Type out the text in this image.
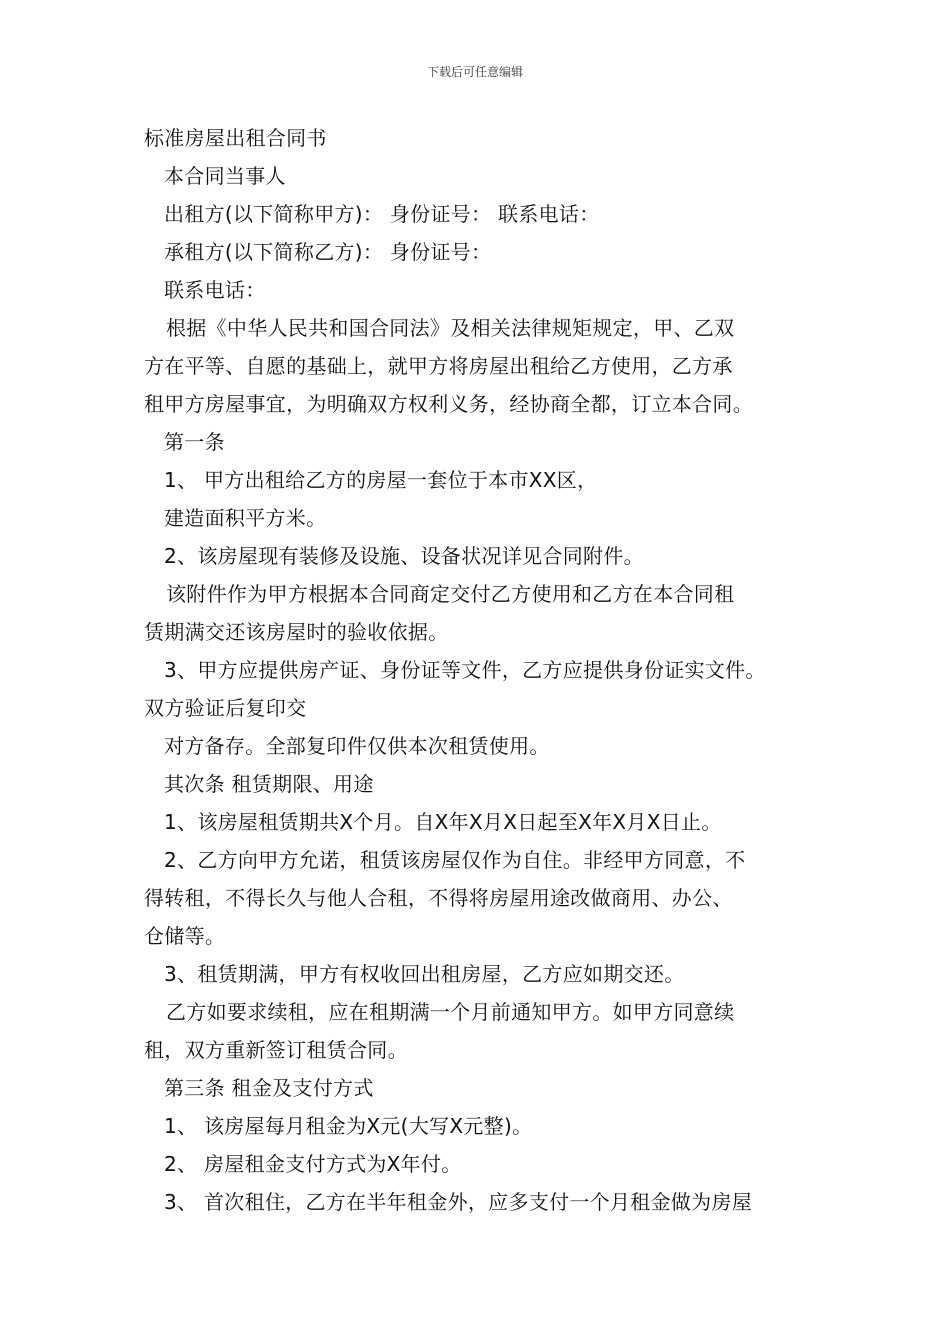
下载后可任意编辑
标准房屋出租合同书
本合同当事人
出租方(以下简称甲方)： 身份证号： 联系电话：
承租方(以下简称乙方)： 身份证号：
联系电话：
根据《中华人民共和国合同法》及相关法律规矩规定，甲、乙双
方在平等、自愿的基础上，就甲方将房屋出租给乙方使用，乙方承
租甲方房屋事宜，为明确双方权利义务，经协商全都，订立本合同。
第一条
1、 甲方出租给乙方的房屋一套位于本市XX区，
建造面积平方米。
2、该房屋现有装修及设施、设备状况详见合同附件。
该附件作为甲方根据本合同商定交付乙方使用和乙方在本合同租
赁期满交还该房屋时的验收依据。
3、甲方应提供房产证、身份证等文件，乙方应提供身份证实文件。
双方验证后复印交
对方备存。全部复印件仅供本次租赁使用。
其次条 租赁期限、用途
1、该房屋租赁期共X个月。自X年X月X日起至X年X月X日止。
2、乙方向甲方允诺，租赁该房屋仅作为自住。非经甲方同意，不
得转租，不得长久与他人合租，不得将房屋用途改做商用、办公、
仓储等。
3、租赁期满，甲方有权收回出租房屋，乙方应如期交还。
乙方如要求续租，应在租期满一个月前通知甲方。如甲方同意续
租，双方重新签订租赁合同。
第三条 租金及支付方式
1、 该房屋每月租金为X元(大写X元整)。
2、 房屋租金支付方式为X年付。
3、 首次租住，乙方在半年租金外，应多支付一个月租金做为房屋
